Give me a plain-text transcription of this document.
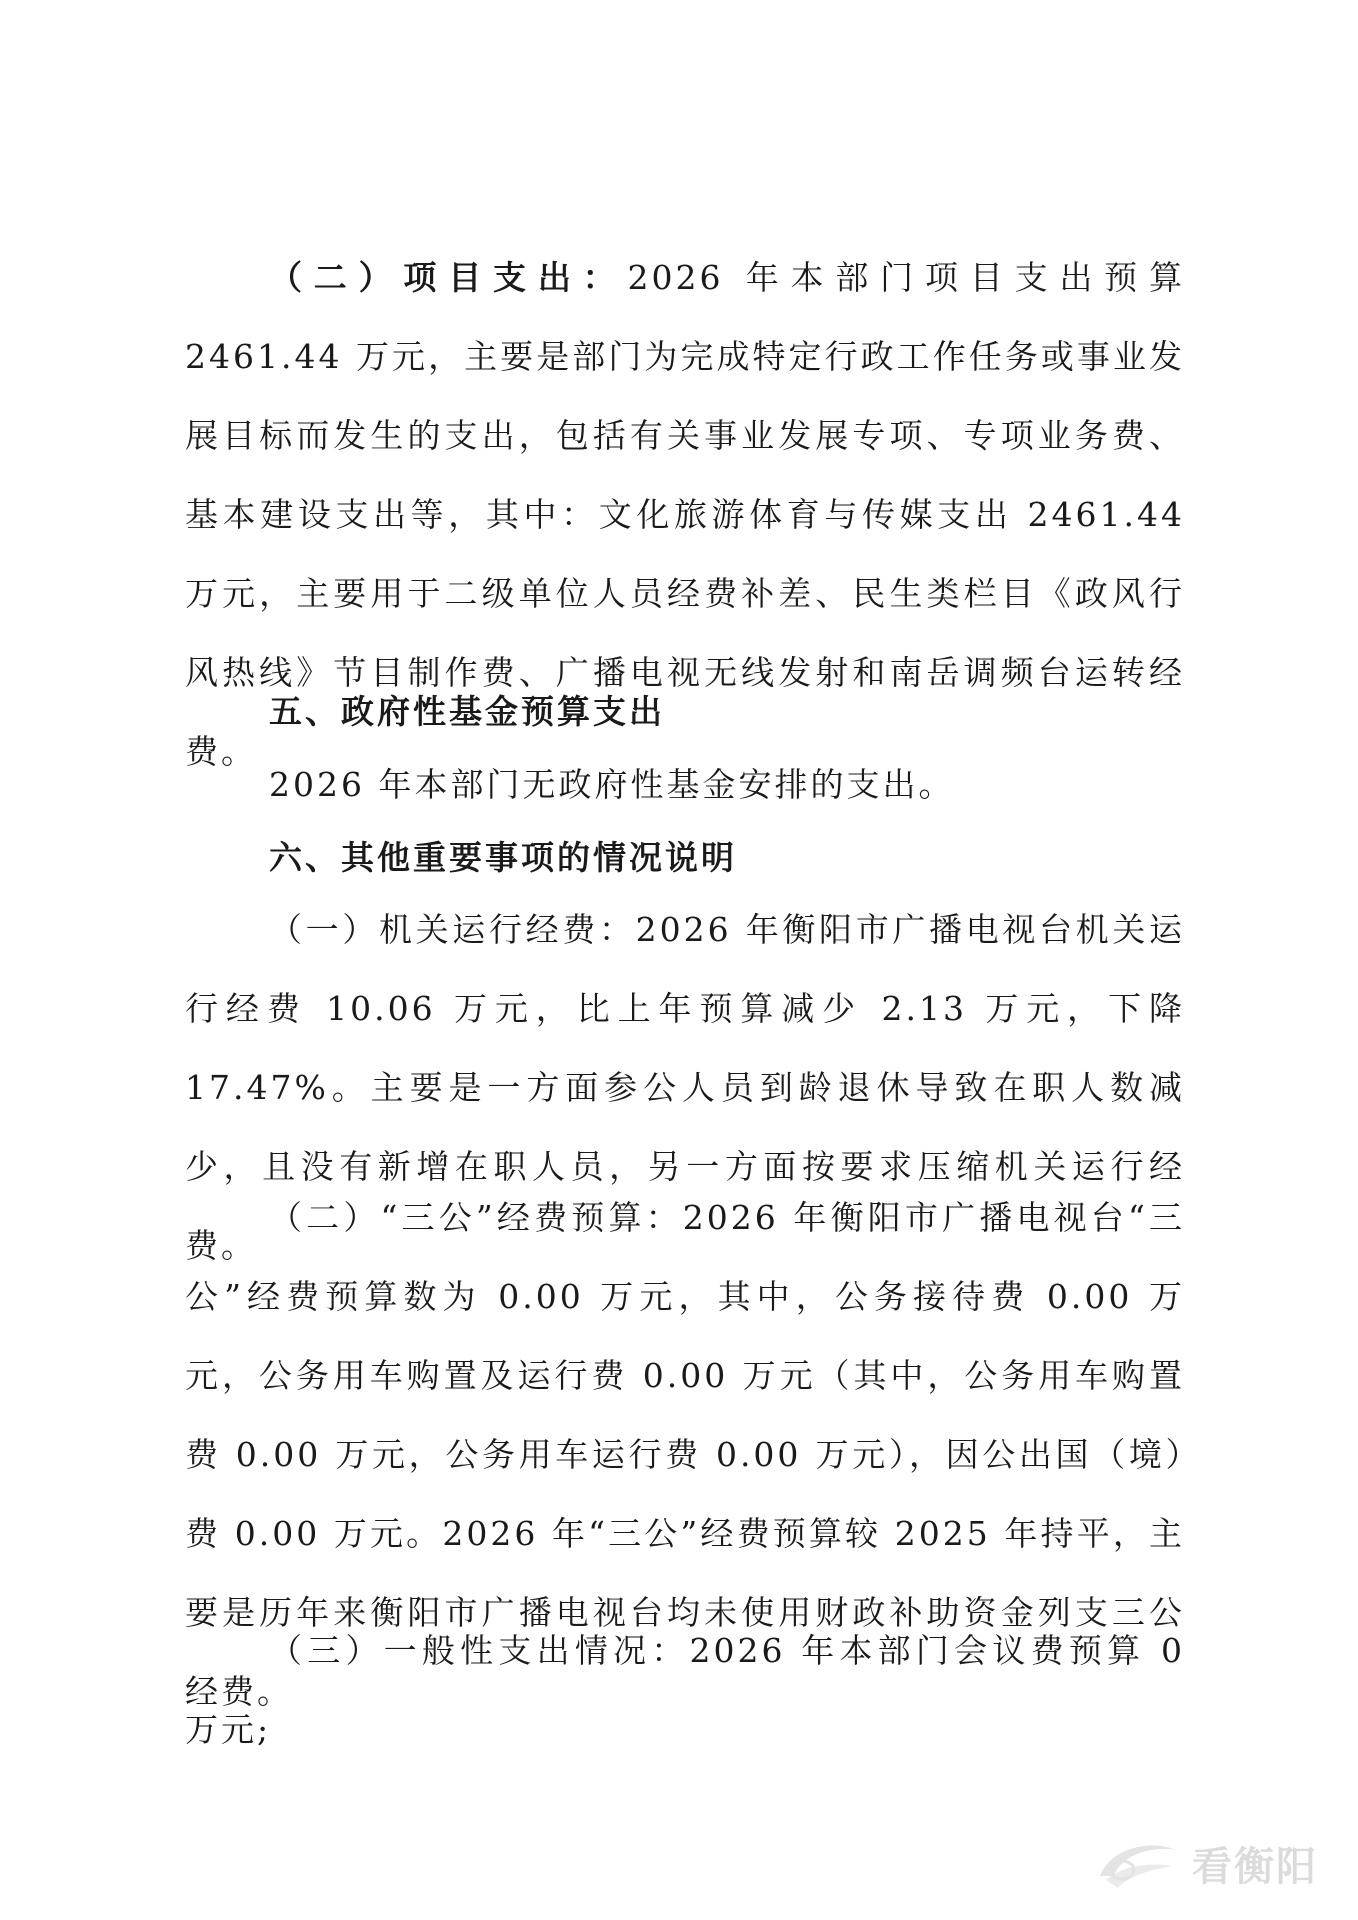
（二）项目支出：2026 年本部门项目支出预算 2461.44 万元，主要是部门为完成特定行政工作任务或事业发展目标而发生的支出，包括有关事业发展专项、专项业务费、基本建设支出等，其中：文化旅游体育与传媒支出 2461.44 万元，主要用于二级单位人员经费补差、民生类栏目《政风行风热线》节目制作费、广播电视无线发射和南岳调频台运转经费。

五、政府性基金预算支出

2026 年本部门无政府性基金安排的支出。

六、其他重要事项的情况说明

（一）机关运行经费：2026 年衡阳市广播电视台机关运行经费 10.06 万元，比上年预算减少 2.13 万元，下降 17.47%。主要是一方面参公人员到龄退休导致在职人数减少，且没有新增在职人员，另一方面按要求压缩机关运行经费。

（二）“三公”经费预算：2026 年衡阳市广播电视台“三公”经费预算数为 0.00 万元，其中，公务接待费 0.00 万元，公务用车购置及运行费 0.00 万元（其中，公务用车购置费 0.00 万元，公务用车运行费 0.00 万元），因公出国（境）费 0.00 万元。2026 年“三公”经费预算较 2025 年持平，主要是历年来衡阳市广播电视台均未使用财政补助资金列支三公经费。

（三）一般性支出情况：2026 年本部门会议费预算 0 万元;

看衡阳
